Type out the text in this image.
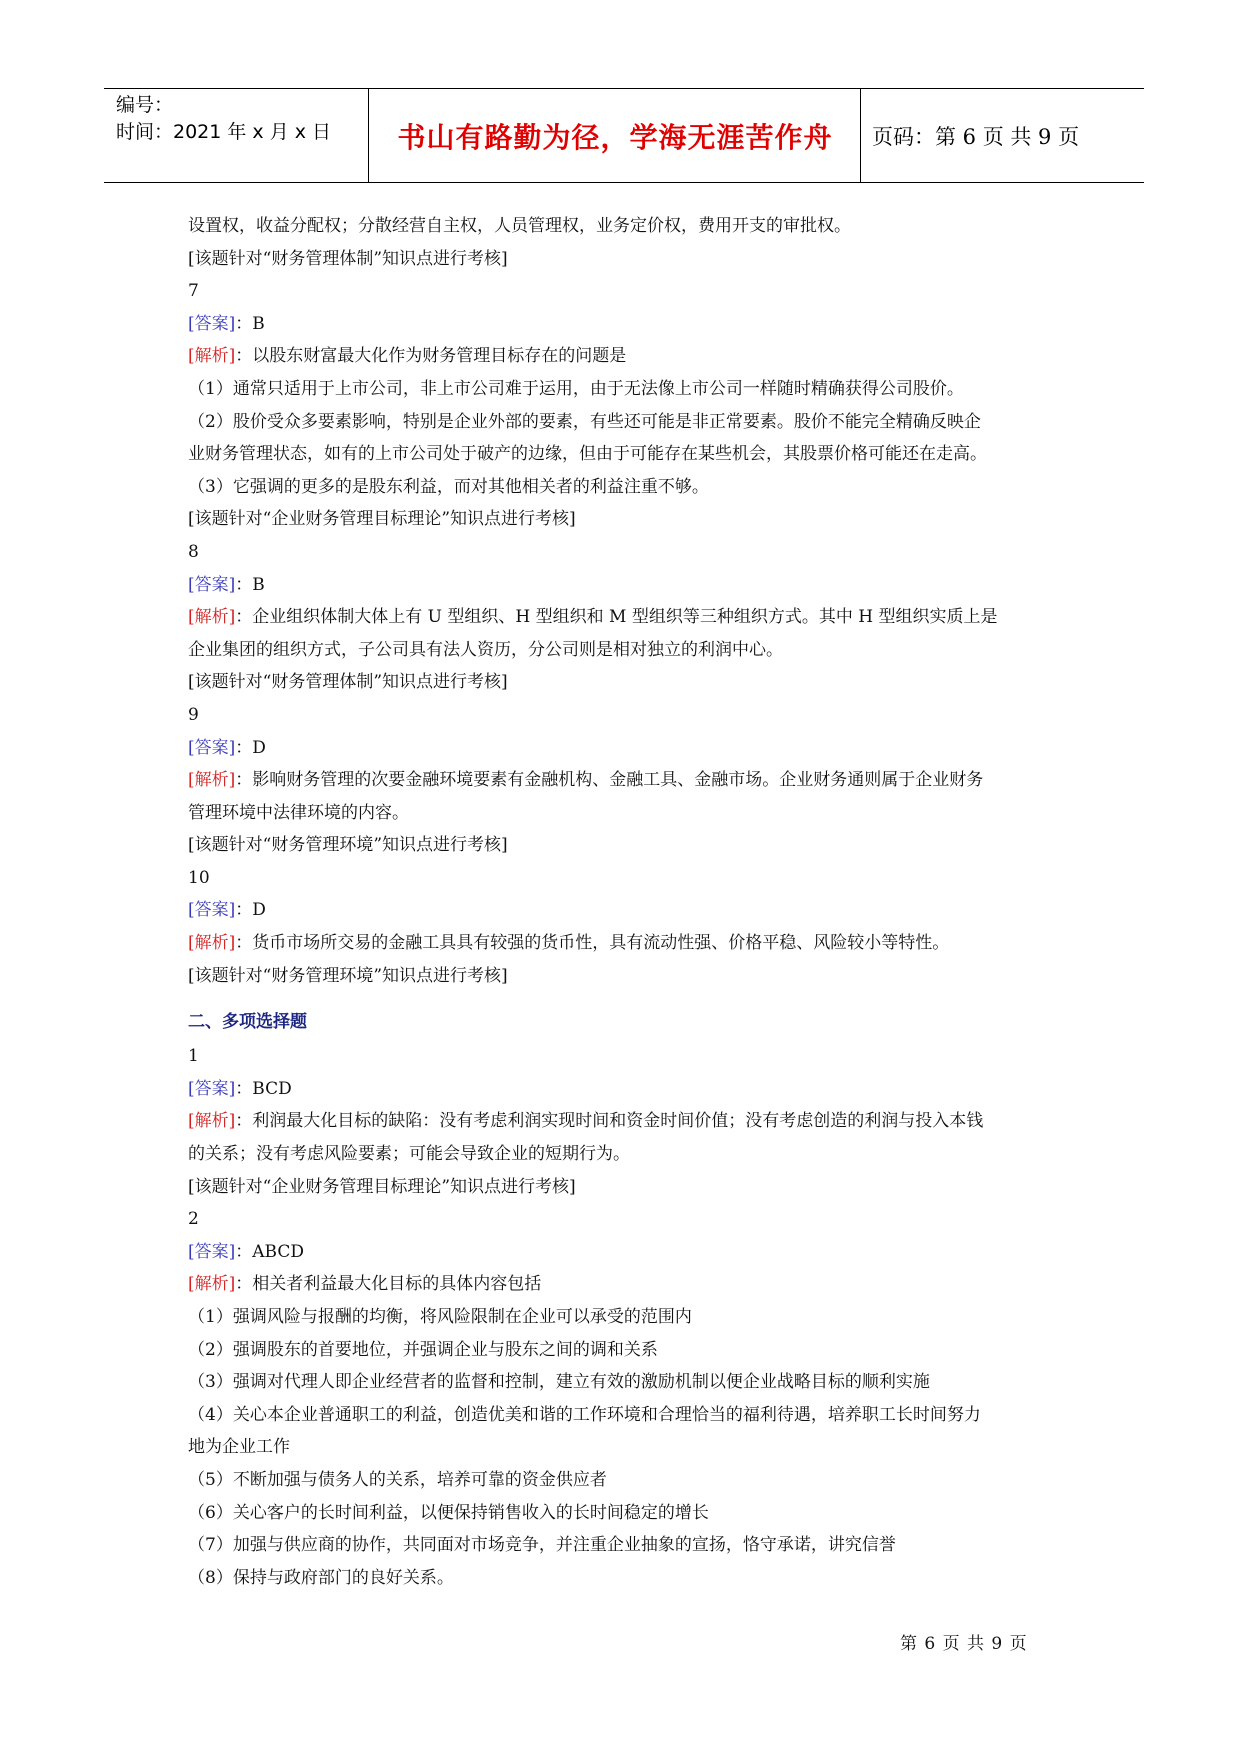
编号：
时间：2021 年 x 月 x 日	书山有路勤为径，学海无涯苦作舟	页码：第 6 页 共 9 页
设置权，收益分配权；分散经营自主权，人员管理权，业务定价权，费用开支的审批权。
[该题针对“财务管理体制”知识点进行考核]
7
[答案]：B
[解析]：以股东财富最大化作为财务管理目标存在的问题是
（1）通常只适用于上市公司，非上市公司难于运用，由于无法像上市公司一样随时精确获得公司股价。
（2）股价受众多要素影响，特别是企业外部的要素，有些还可能是非正常要素。股价不能完全精确反映企
业财务管理状态，如有的上市公司处于破产的边缘，但由于可能存在某些机会，其股票价格可能还在走高。
（3）它强调的更多的是股东利益，而对其他相关者的利益注重不够。
[该题针对“企业财务管理目标理论”知识点进行考核]
8
[答案]：B
[解析]：企业组织体制大体上有 U 型组织、H 型组织和 M 型组织等三种组织方式。其中 H 型组织实质上是
企业集团的组织方式，子公司具有法人资历，分公司则是相对独立的利润中心。
[该题针对“财务管理体制”知识点进行考核]
9
[答案]：D
[解析]：影响财务管理的次要金融环境要素有金融机构、金融工具、金融市场。企业财务通则属于企业财务
管理环境中法律环境的内容。
[该题针对“财务管理环境”知识点进行考核]
10
[答案]：D
[解析]：货币市场所交易的金融工具具有较强的货币性，具有流动性强、价格平稳、风险较小等特性。
[该题针对“财务管理环境”知识点进行考核]
二、多项选择题
1
[答案]：BCD
[解析]：利润最大化目标的缺陷：没有考虑利润实现时间和资金时间价值；没有考虑创造的利润与投入本钱
的关系；没有考虑风险要素；可能会导致企业的短期行为。
[该题针对“企业财务管理目标理论”知识点进行考核]
2
[答案]：ABCD
[解析]：相关者利益最大化目标的具体内容包括
（1）强调风险与报酬的均衡，将风险限制在企业可以承受的范围内
（2）强调股东的首要地位，并强调企业与股东之间的调和关系
（3）强调对代理人即企业经营者的监督和控制，建立有效的激励机制以便企业战略目标的顺利实施
（4）关心本企业普通职工的利益，创造优美和谐的工作环境和合理恰当的福利待遇，培养职工长时间努力
地为企业工作
（5）不断加强与债务人的关系，培养可靠的资金供应者
（6）关心客户的长时间利益，以便保持销售收入的长时间稳定的增长
（7）加强与供应商的协作，共同面对市场竞争，并注重企业抽象的宣扬，恪守承诺，讲究信誉
（8）保持与政府部门的良好关系。
第 6 页 共 9 页
